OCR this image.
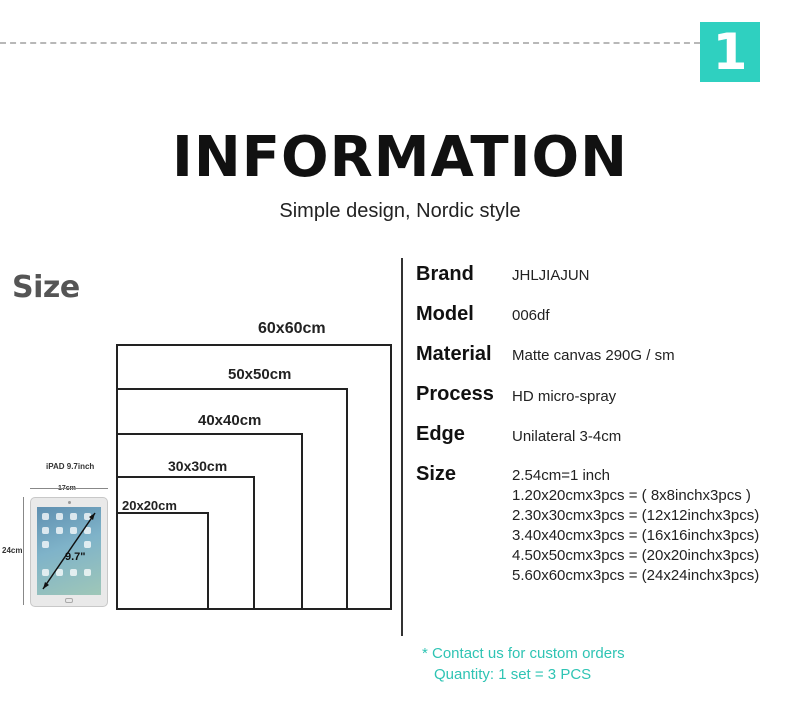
1
INFORMATION
Simple design, Nordic style
Size
60x60cm
50x50cm
40x40cm
30x30cm
20x20cm
iPAD 9.7inch
17cm
24cm
9.7"
Brand	JHLJIAJUN
Model	006df
Material Matte canvas 290G / sm
Process HD micro-spray
Edge	Unilateral 3-4cm
Size	2.54cm=1 inch
1.20x20cmx3pcs = ( 8x8inchx3pcs )
2.30x30cmx3pcs = (12x12inchx3pcs)
3.40x40cmx3pcs = (16x16inchx3pcs)
4.50x50cmx3pcs = (20x20inchx3pcs)
5.60x60cmx3pcs = (24x24inchx3pcs)
* Contact us for custom orders
Quantity: 1 set = 3 PCS
